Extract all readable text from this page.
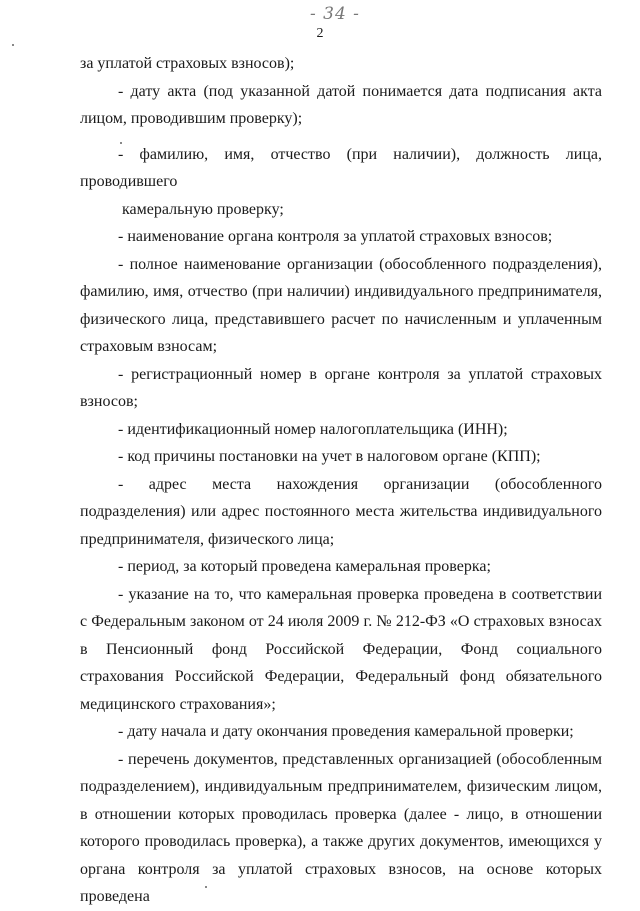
- 34 -
2

за уплатой страховых взносов);

- дату акта (под указанной датой понимается дата подписания акта лицом, проводившим проверку);

- фамилию, имя, отчество (при наличии), должность лица, проводившего

камеральную проверку;

- наименование органа контроля за уплатой страховых взносов;

- полное наименование организации (обособленного подразделения), фамилию, имя, отчество (при наличии) индивидуального предпринимателя, физического лица, представившего расчет по начисленным и уплаченным страховым взносам;

- регистрационный номер в органе контроля за уплатой страховых взносов;

- идентификационный номер налогоплательщика (ИНН);

- код причины постановки на учет в налоговом органе (КПП);

- адрес места нахождения организации (обособленного подразделения) или адрес постоянного места жительства индивидуального предпринимателя, физического лица;

- период, за который проведена камеральная проверка;

- указание на то, что камеральная проверка проведена в соответствии с Федеральным законом от 24 июля 2009 г. № 212-ФЗ «О страховых взносах в Пенсионный фонд Российской Федерации, Фонд социального страхования Российской Федерации, Федеральный фонд обязательного медицинского страхования»;

- дату начала и дату окончания проведения камеральной проверки;

- перечень документов, представленных организацией (обособленным подразделением), индивидуальным предпринимателем, физическим лицом, в отношении которых проводилась проверка (далее - лицо, в отношении которого проводилась проверка), а также других документов, имеющихся у органа контроля за уплатой страховых взносов, на основе которых проведена
